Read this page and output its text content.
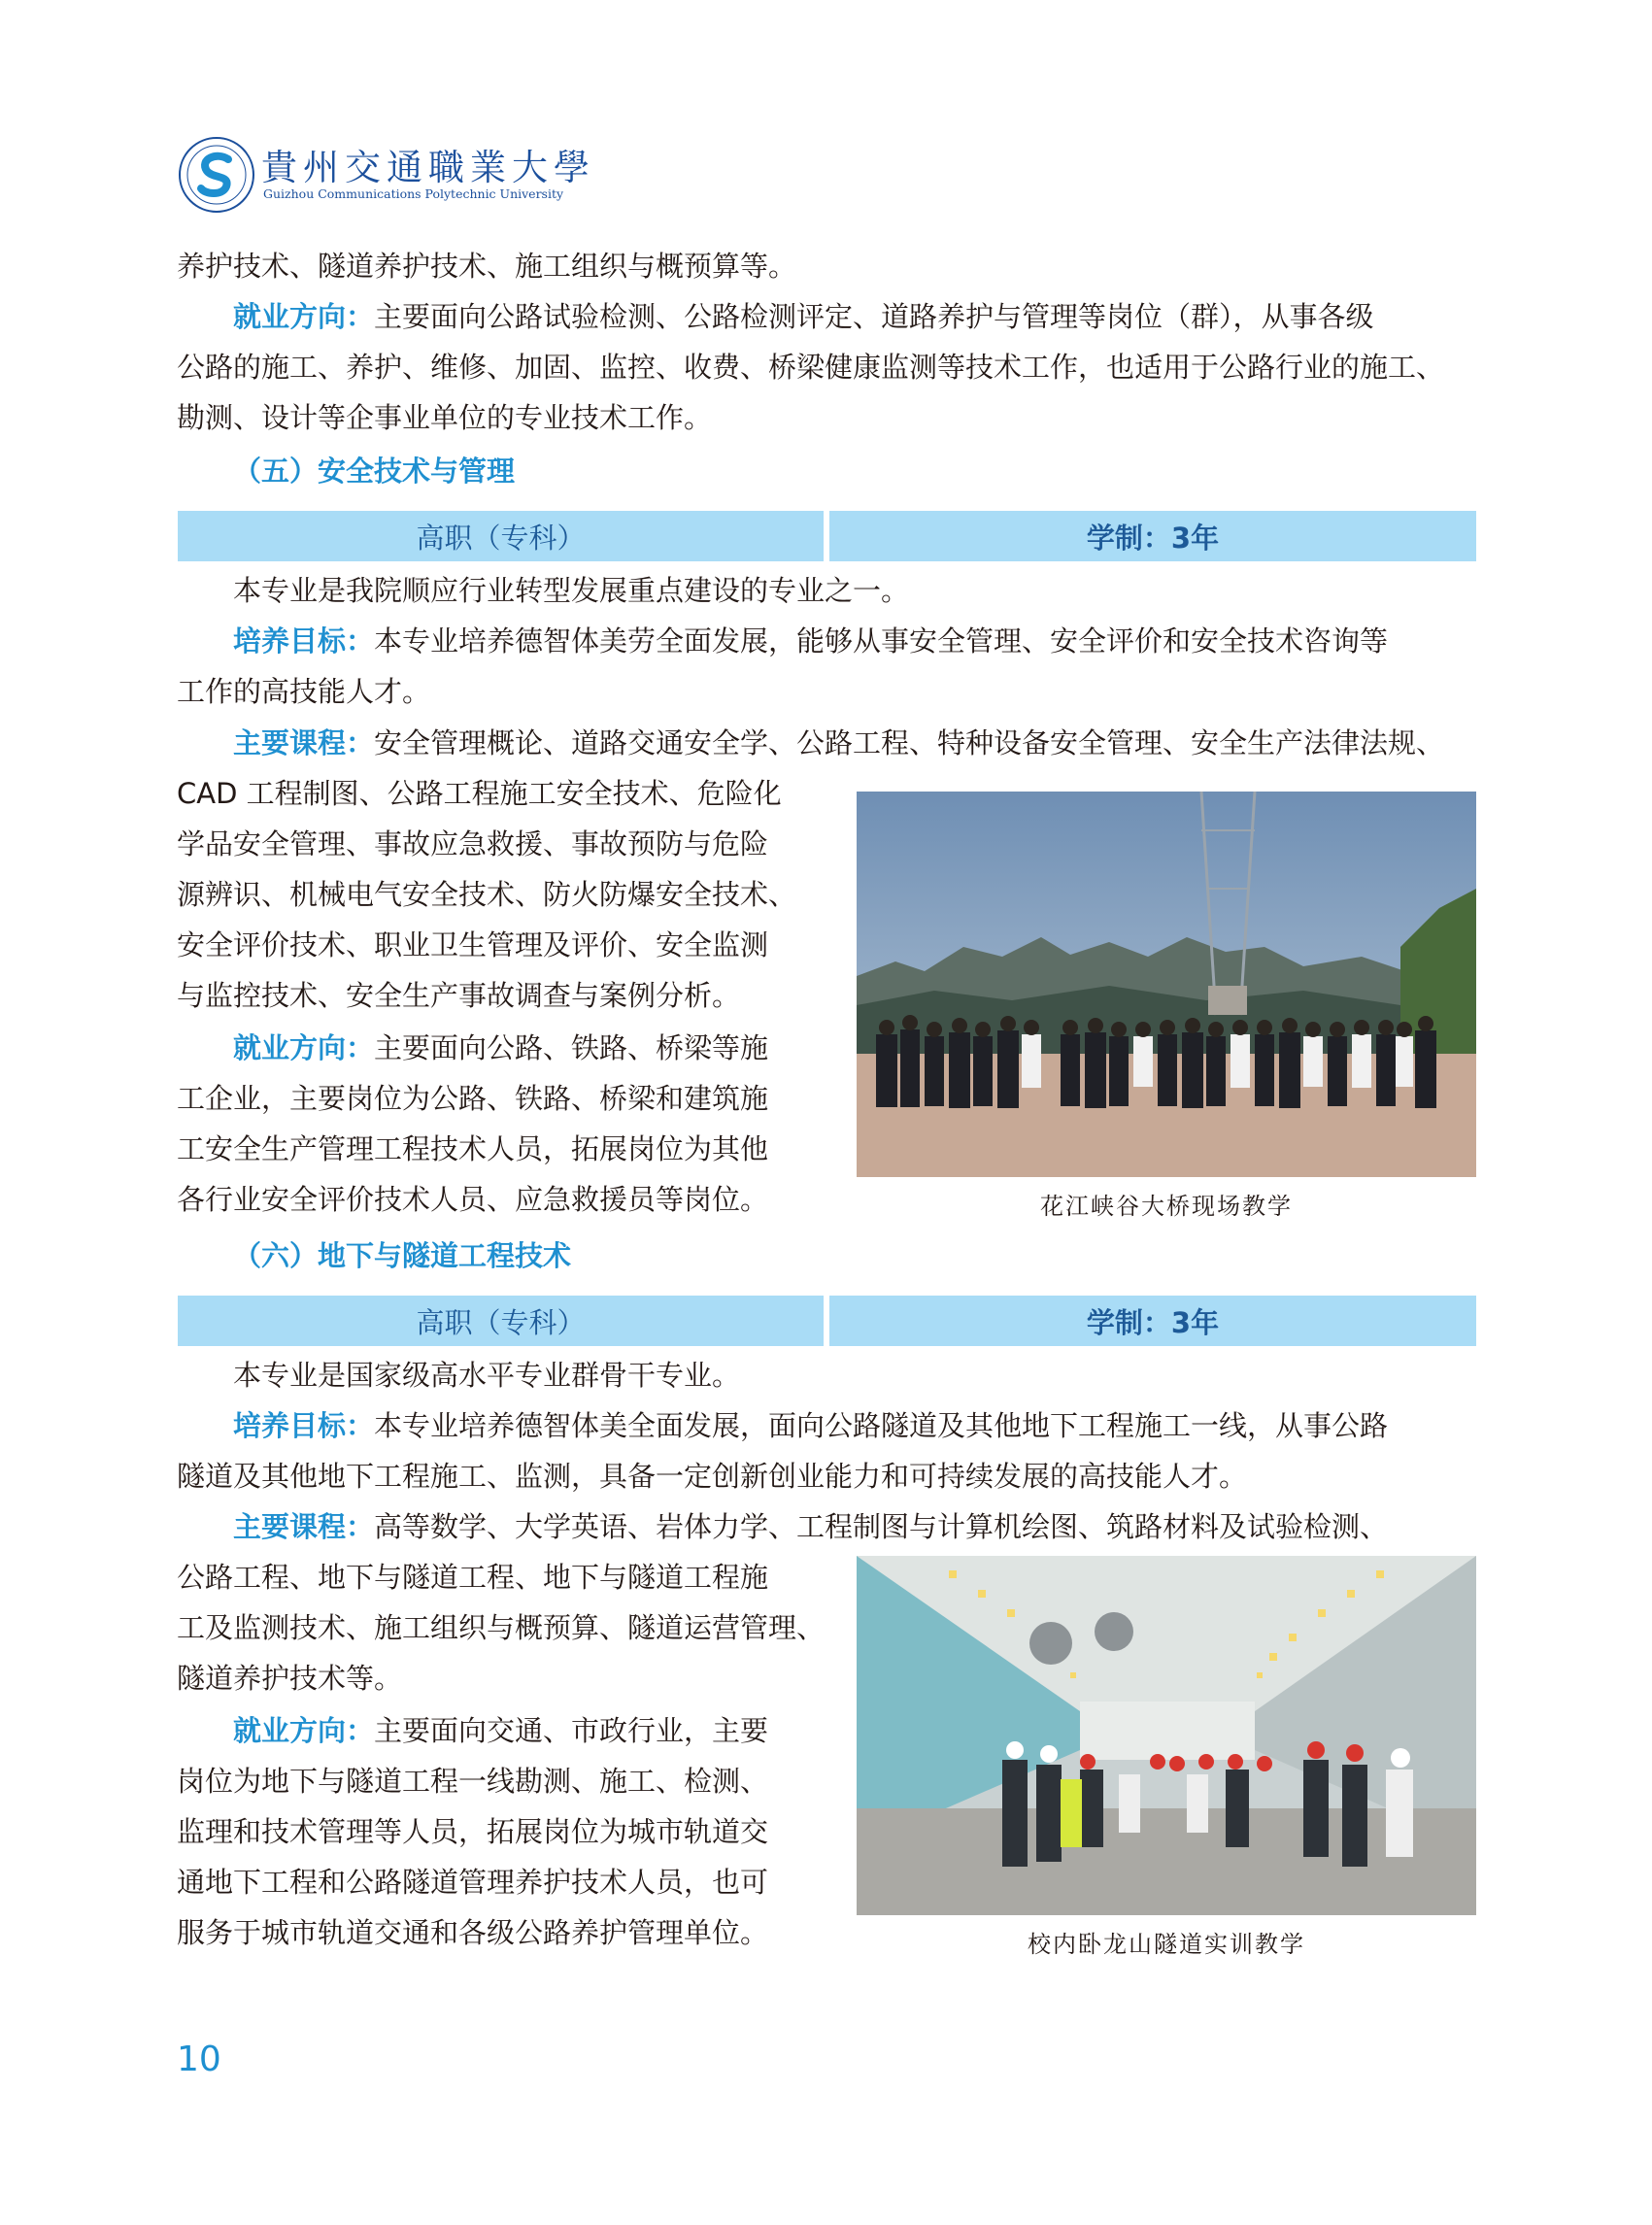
貴州交通職業大學
Guizhou Communications Polytechnic University
养护技术、隧道养护技术、施工组织与概预算等。
就业方向：主要面向公路试验检测、公路检测评定、道路养护与管理等岗位（群），从事各级
公路的施工、养护、维修、加固、监控、收费、桥梁健康监测等技术工作，也适用于公路行业的施工、
勘测、设计等企事业单位的专业技术工作。
（五）安全技术与管理
高职（专科）	学制：3年
本专业是我院顺应行业转型发展重点建设的专业之一。
培养目标：本专业培养德智体美劳全面发展，能够从事安全管理、安全评价和安全技术咨询等
工作的高技能人才。
主要课程：安全管理概论、道路交通安全学、公路工程、特种设备安全管理、安全生产法律法规、
CAD 工程制图、公路工程施工安全技术、危险化
学品安全管理、事故应急救援、事故预防与危险
源辨识、机械电气安全技术、防火防爆安全技术、
安全评价技术、职业卫生管理及评价、安全监测
与监控技术、安全生产事故调查与案例分析。
就业方向：主要面向公路、铁路、桥梁等施
工企业，主要岗位为公路、铁路、桥梁和建筑施
工安全生产管理工程技术人员，拓展岗位为其他
各行业安全评价技术人员、应急救援员等岗位。	花江峡谷大桥现场教学
（六）地下与隧道工程技术
高职（专科）	学制：3年
本专业是国家级高水平专业群骨干专业。
培养目标：本专业培养德智体美全面发展，面向公路隧道及其他地下工程施工一线，从事公路
隧道及其他地下工程施工、监测，具备一定创新创业能力和可持续发展的高技能人才。
主要课程：高等数学、大学英语、岩体力学、工程制图与计算机绘图、筑路材料及试验检测、
公路工程、地下与隧道工程、地下与隧道工程施
工及监测技术、施工组织与概预算、隧道运营管理、
隧道养护技术等。
就业方向：主要面向交通、市政行业，主要
岗位为地下与隧道工程一线勘测、施工、检测、
监理和技术管理等人员，拓展岗位为城市轨道交
通地下工程和公路隧道管理养护技术人员，也可
服务于城市轨道交通和各级公路养护管理单位。	校内卧龙山隧道实训教学
10
